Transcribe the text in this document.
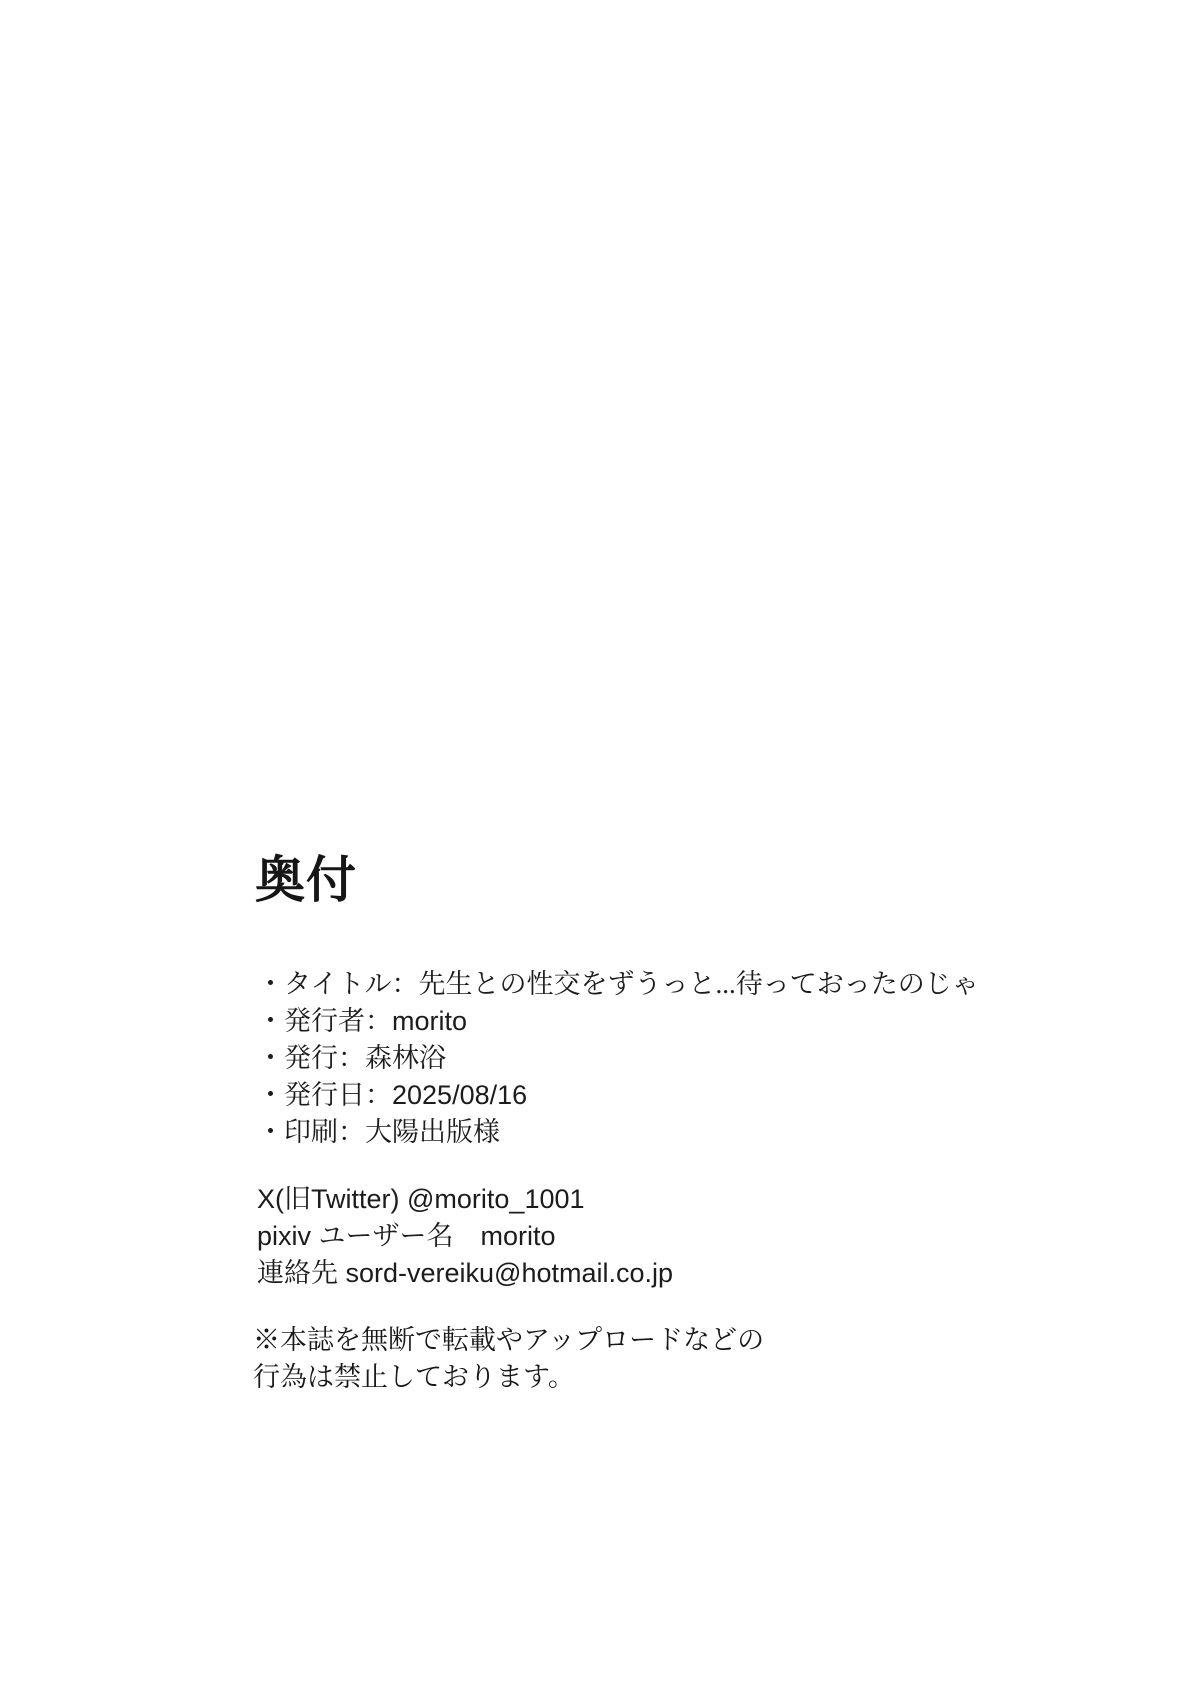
奥付
・タイトル：先生との性交をずうっと...待っておったのじゃ
・発行者：morito
・発行：森林浴
・発行日：2025/08/16
・印刷：大陽出版様
X(旧Twitter) @morito_1001
pixiv ユーザー名　morito
連絡先 sord-vereiku@hotmail.co.jp
※本誌を無断で転載やアップロードなどの
行為は禁止しております。
